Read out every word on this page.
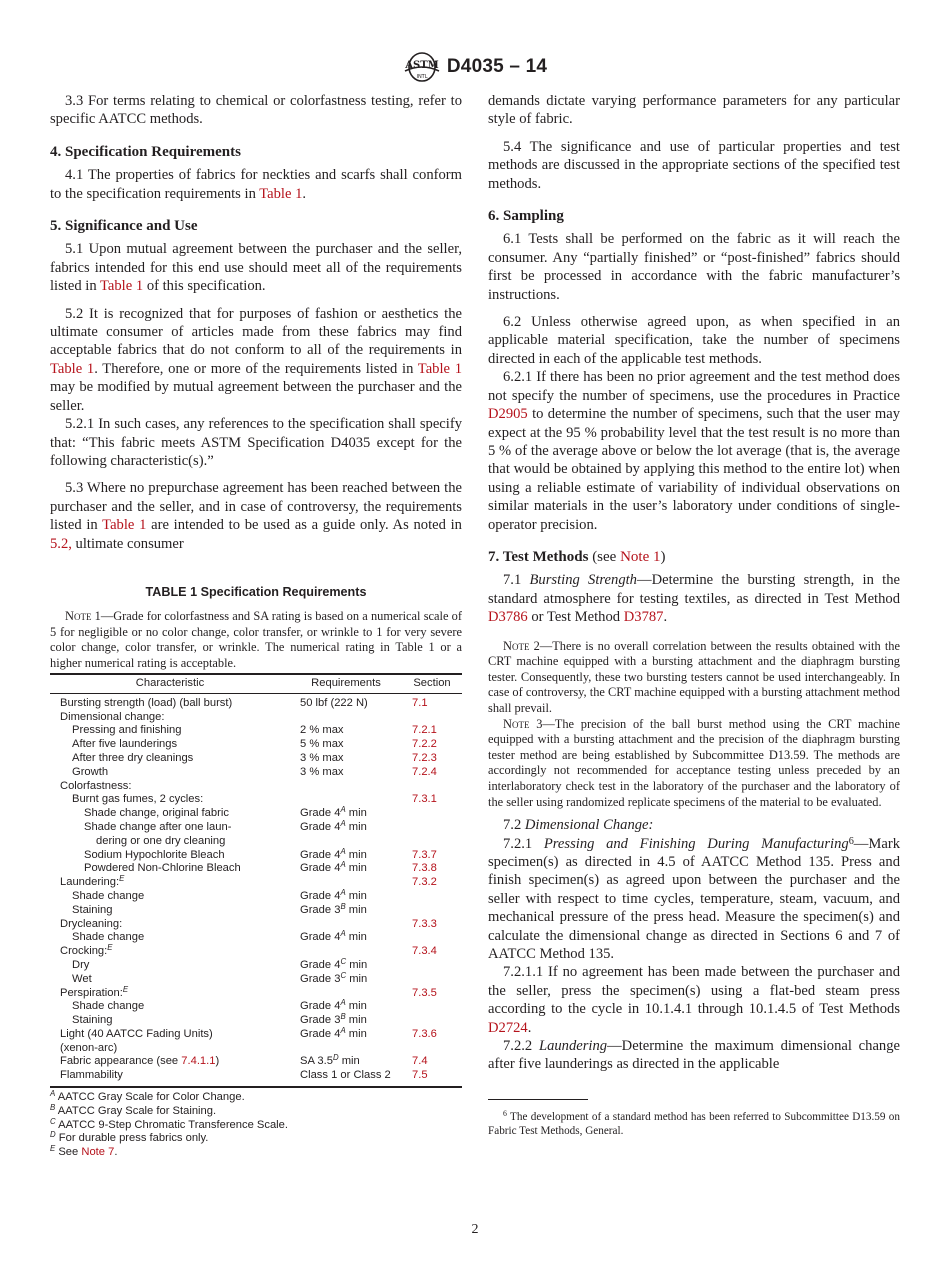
ASTM
INTL D4035 – 14

3.3 For terms relating to chemical or colorfastness testing, refer to specific AATCC methods.

4. Specification Requirements

4.1 The properties of fabrics for neckties and scarfs shall conform to the specification requirements in Table 1.

5. Significance and Use

5.1 Upon mutual agreement between the purchaser and the seller, fabrics intended for this end use should meet all of the requirements listed in Table 1 of this specification.

5.2 It is recognized that for purposes of fashion or aesthetics the ultimate consumer of articles made from these fabrics may find acceptable fabrics that do not conform to all of the requirements in Table 1. Therefore, one or more of the requirements listed in Table 1 may be modified by mutual agreement between the purchaser and the seller.

5.2.1 In such cases, any references to the specification shall specify that: “This fabric meets ASTM Specification D4035 except for the following characteristic(s).”

5.3 Where no prepurchase agreement has been reached between the purchaser and the seller, and in case of controversy, the requirements listed in Table 1 are intended to be used as a guide only. As noted in 5.2, ultimate consumer

TABLE 1 Specification Requirements

Note 1—Grade for colorfastness and SA rating is based on a numerical scale of 5 for negligible or no color change, color transfer, or wrinkle to 1 for very severe color change, color transfer, or wrinkle. The numerical rating in Table 1 or a higher numerical rating is acceptable.

Characteristic	Requirements	Section
Bursting strength (load) (ball burst)	50 lbf (222 N)	7.1
Dimensional change:		
Pressing and finishing	2 % max	7.2.1
After five launderings	5 % max	7.2.2
After three dry cleanings	3 % max	7.2.3
Growth	3 % max	7.2.4
Colorfastness:		
Burnt gas fumes, 2 cycles:		7.3.1

Shade change, original fabric	Grade $4^A$ min	

Shade change after one laun-
dering or one dry cleaning	Grade $4^A$ min	

Sodium Hypochlorite Bleach	Grade $4^A$ min	7.3.7

Powdered Non-Chlorine Bleach	Grade $4^A$ min	7.3.8
Laundering:$^E$		7.3.2
Shade change	Grade $4^A$ min	
Staining	Grade $3^B$ min	
Drycleaning:		7.3.3
Shade change	Grade $4^A$ min	
Crocking:$^E$		7.3.4
Dry	Grade $4^C$ min	
Wet	Grade $3^C$ min	
Perspiration:$^E$		7.3.5
Shade change	Grade $4^A$ min	
Staining	Grade $3^B$ min	
Light (40 AATCC Fading Units)
(xenon-arc)	Grade $4^A$ min	7.3.6
Fabric appearance (see 7.4.1.1)	SA $3.5^D$ min	7.4
Flammability	Class 1 or Class 2	7.5
$^A$ AATCC Gray Scale for Color Change.
$^B$ AATCC Gray Scale for Staining.
$^C$ AATCC 9-Step Chromatic Transference Scale.
$^D$ For durable press fabrics only.
$^E$ See Note 7.

demands dictate varying performance parameters for any particular style of fabric.

5.4 The significance and use of particular properties and test methods are discussed in the appropriate sections of the specified test methods.

6. Sampling

6.1 Tests shall be performed on the fabric as it will reach the consumer. Any “partially finished” or “post-finished” fabrics should first be processed in accordance with the fabric manufacturer’s instructions.

6.2 Unless otherwise agreed upon, as when specified in an applicable material specification, take the number of specimens directed in each of the applicable test methods.

6.2.1 If there has been no prior agreement and the test method does not specify the number of specimens, use the procedures in Practice D2905 to determine the number of specimens, such that the user may expect at the 95 % probability level that the test result is no more than 5 % of the average above or below the lot average (that is, the average that would be obtained by applying this method to the entire lot) when using a reliable estimate of variability of individual observations on similar materials in the user’s laboratory under conditions of single-operator precision.

7. Test Methods (see Note 1)

7.1 Bursting Strength—Determine the bursting strength, in the standard atmosphere for testing textiles, as directed in Test Method D3786 or Test Method D3787.

Note 2—There is no overall correlation between the results obtained with the CRT machine equipped with a bursting attachment and the diaphragm bursting tester. Consequently, these two bursting testers cannot be used interchangeably. In case of controversy, the CRT machine equipped with a bursting attachment method shall prevail.

Note 3—The precision of the ball burst method using the CRT machine equipped with a bursting attachment and the precision of the diaphragm bursting tester method are being established by Subcommittee D13.59. The methods are accordingly not recommended for acceptance testing unless preceded by an interlaboratory check test in the laboratory of the purchaser and the laboratory of the seller using randomized replicate specimens of the material to be evaluated.

7.2 Dimensional Change:

7.2.1 Pressing and Finishing During Manufacturing$^6$—Mark specimen(s) as directed in 4.5 of AATCC Method 135. Press and finish specimen(s) as agreed upon between the purchaser and the seller with respect to time cycles, temperature, steam, vacuum, and mechanical pressure of the press head. Measure the specimen(s) and calculate the dimensional change as directed in Sections 6 and 7 of AATCC Method 135.

7.2.1.1 If no agreement has been made between the purchaser and the seller, press the specimen(s) using a flat-bed steam press according to the cycle in 10.1.4.1 through 10.1.4.5 of Test Methods D2724.

7.2.2 Laundering—Determine the maximum dimensional change after five launderings as directed in the applicable

$^6$ The development of a standard method has been referred to Subcommittee D13.59 on Fabric Test Methods, General.

2
